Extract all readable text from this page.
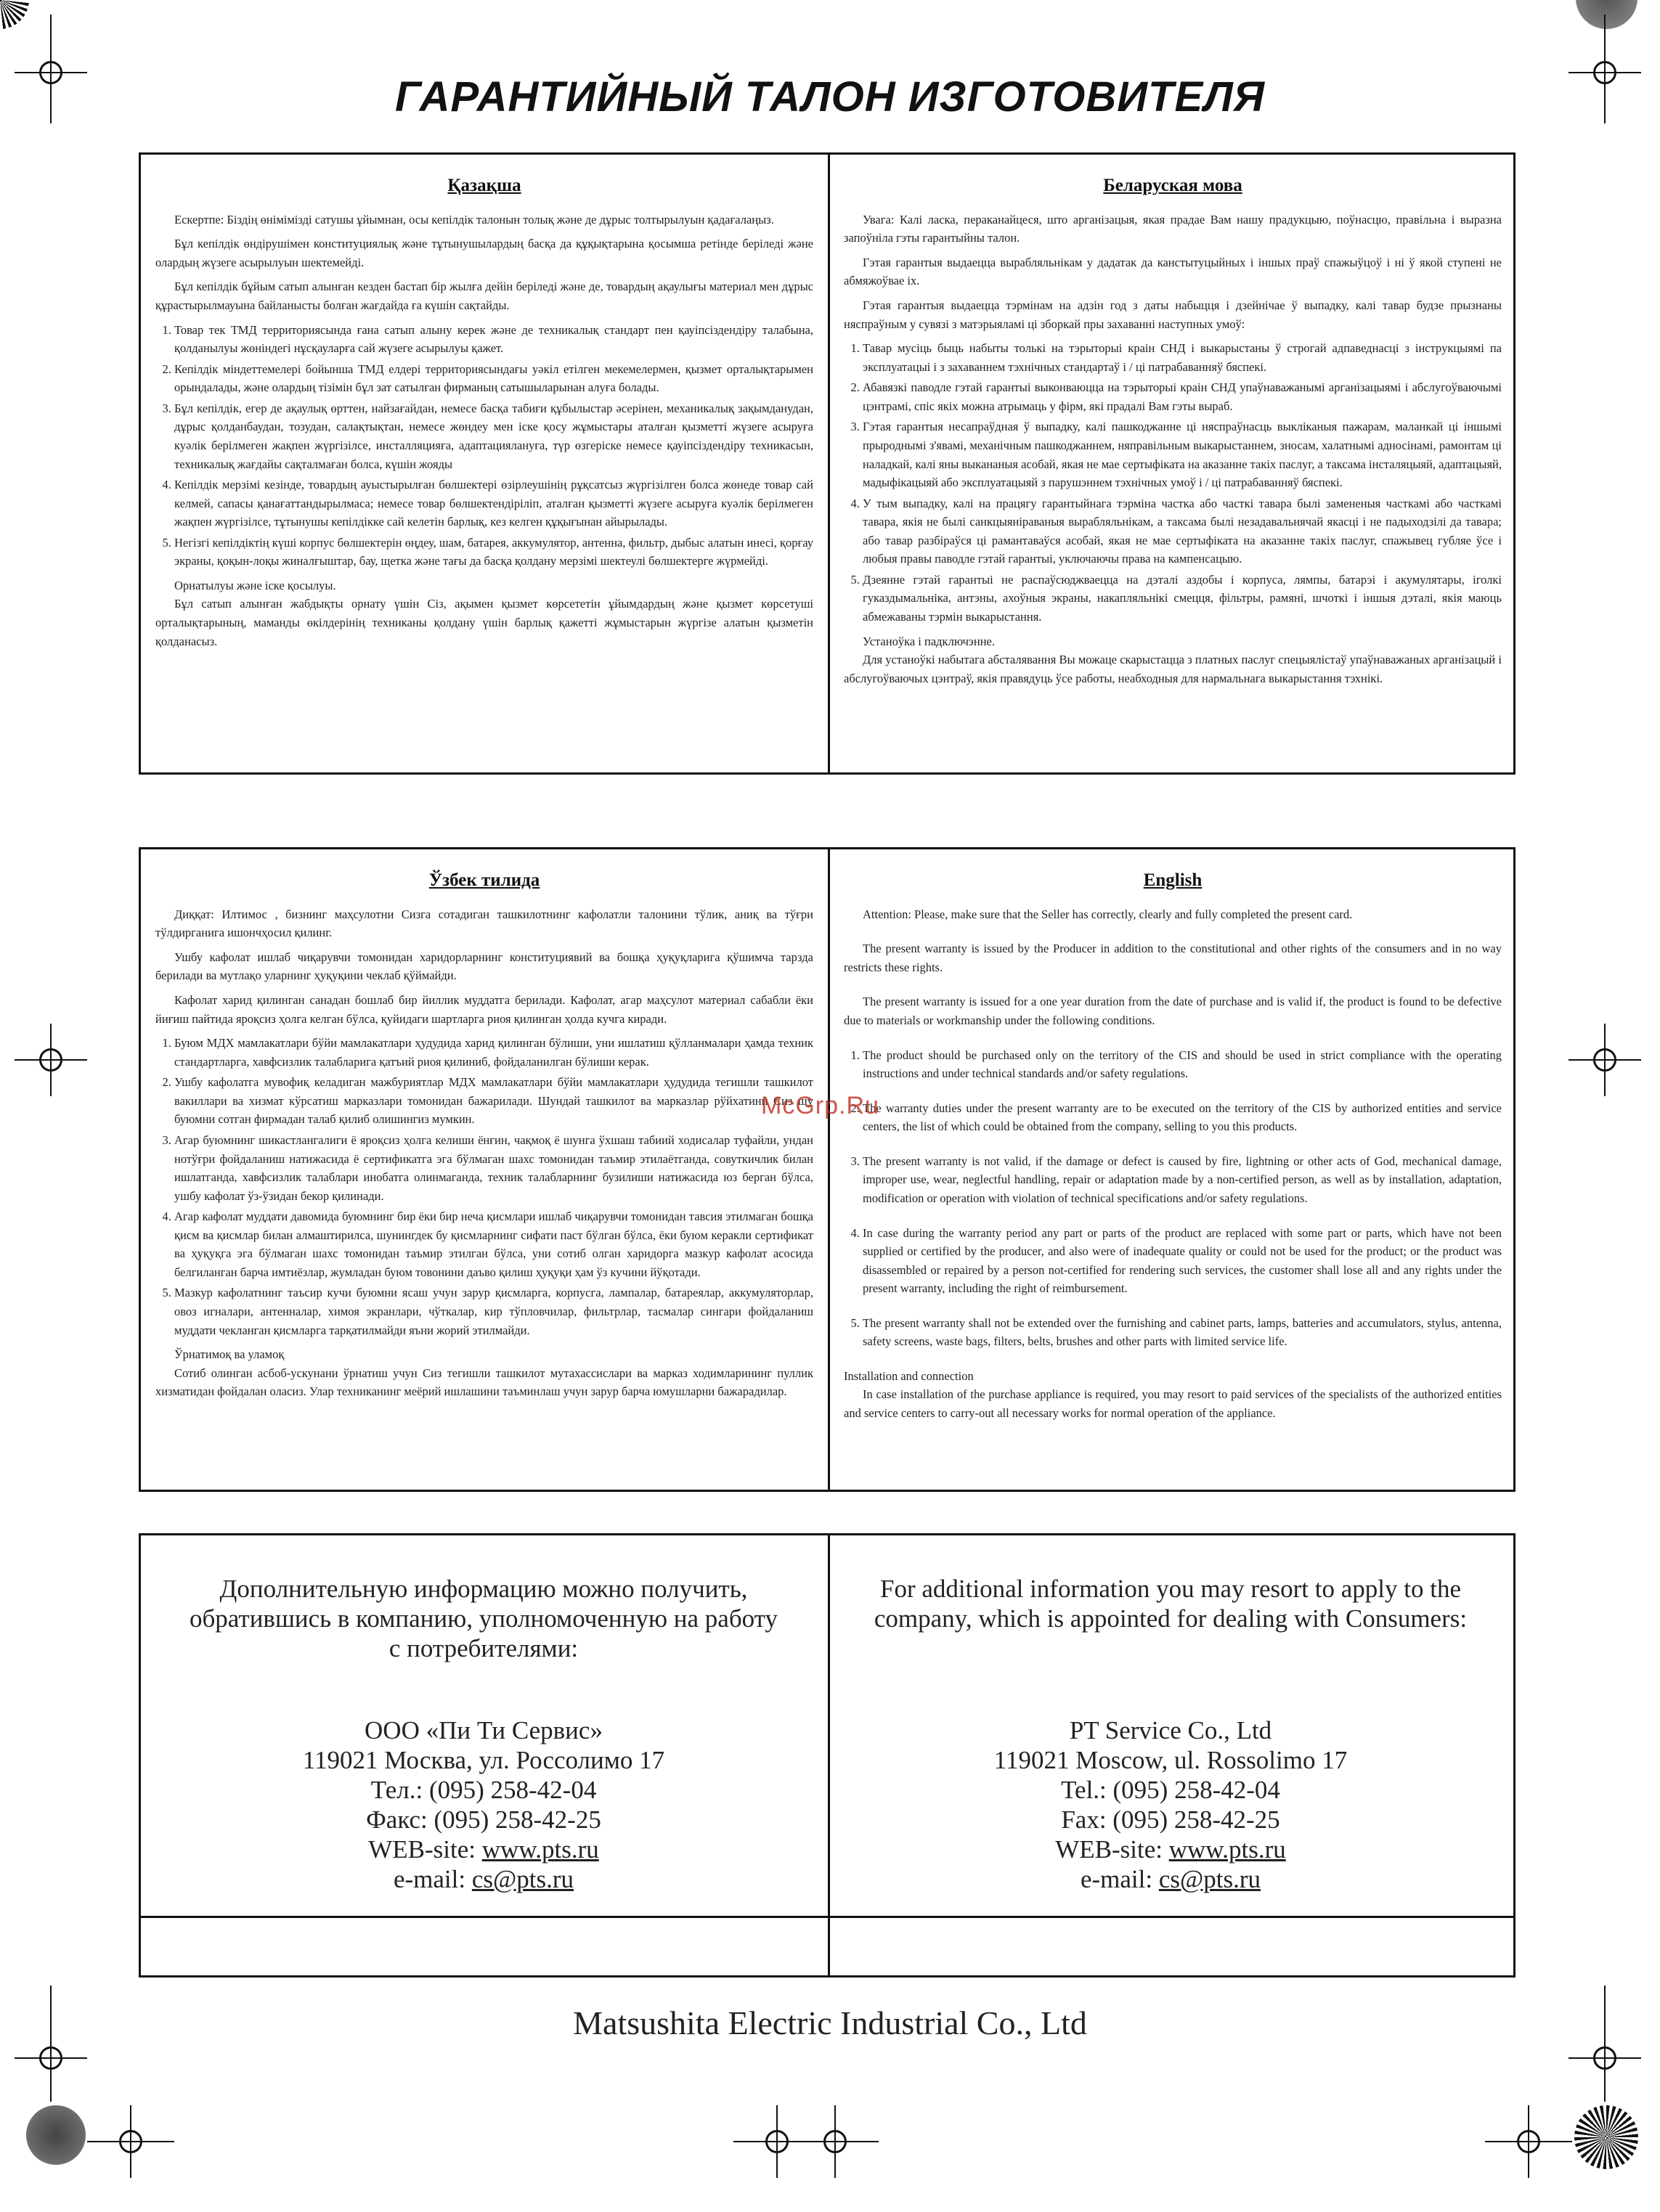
ГАРАНТИЙНЫЙ ТАЛОН ИЗГОТОВИТЕЛЯ
Қазақша

Ескертпе: Біздің өнімімізді сатушы ұйымнан, осы кепілдік талонын толық және де дұрыс толтырылуын қадағалаңыз.

Бұл кепілдік өндірушімен конституциялық және тұтынушылардың басқа да құқықтарына қосымша ретінде беріледі және олардың жүзеге асырылуын шектемейді.

Бұл кепілдік бұйым сатып алынған кезден бастап бір жылға дейін беріледі және де, товардың ақаулығы материал мен дұрыс құрастырылмауына байланысты болған жағдайда ға күшін сақтайды.

1. Товар тек ТМД территориясында ғана сатып алыну керек және де техникалық стандарт пен қауіпсіздендіру талабына, қолданылуы жөніндегі нұсқауларға сай жүзеге асырылуы қажет.
2. Кепілдік міндеттемелері бойынша ТМД елдері территориясындағы уәкіл етілген мекемелермен, қызмет орталықтарымен орындалады, және олардың тізімін бұл зат сатылған фирманың сатышыларынан алуға болады.
3. Бұл кепілдік, егер де ақаулық өрттен, найзағайдан, немесе басқа табиғи құбылыстар әсерінен, механикалық зақымданудан, дұрыс қолданбаудан, тозудан, салақтықтан, немесе жөндеу мен іске қосу жұмыстары аталған қызметті жүзеге асыруға куәлік берілмеген жақпен жүргізілсе, инсталляцияға, адаптациялануға, түр өзгеріске немесе қауіпсіздендіру техникасын, техникалық жағдайы сақталмаған болса, күшін жояды
4. Кепілдік мерзімі кезінде, товардың ауыстырылған бөлшектері өзірлеушінің рұқсатсыз жүргізілген болса жөнеде товар сай келмей, сапасы қанағаттандырылмаса; немесе товар бөлшектендіріліп, аталған қызметті жүзеге асыруға куәлік берілмеген жақпен жүргізілсе, тұтынушы кепілдікке сай келетін барлық, кез келген құқығынан айырылады.
5. Негізгі кепілдіктің күші корпус бөлшектерін өңдеу, шам, батарея, аккумулятор, антенна, фильтр, дыбыс алатын инесі, қорғау экраны, қоқын-лоқы жиналғыштар, бау, щетка және тағы да басқа қолдану мерзімі шектеулі бөлшектерге жүрмейді.

Орнатылуы және іске қосылуы.

Бұл сатып алынған жабдықты орнату үшін Сіз, ақымен қызмет көрсететін ұйымдардың және қызмет көрсетуші орталықтарының, маманды өкілдерінің техниканы қолдану үшін барлық қажетті жұмыстарын жүргізе алатын қызметін қолданасыз.

Беларуская мова

Увага: Калі ласка, пераканайцеся, што арганізацыя, якая прадае Вам нашу прадукцыю, поўнасцю, правільна і выразна запоўніла гэты гарантыйны талон.

Гэтая гарантыя выдаецца вырабляльнікам у дадатак да канстытуцыйных і іншых праў спажыўцоў і ні ў якой ступені не абмяжоўвае іх.

Гэтая гарантыя выдаецца тэрмінам на адзін год з даты набыцця і дзейнічае ў выпадку, калі тавар будзе прызнаны няспраўным у сувязі з матэрыяламі ці зборкай пры захаванні наступных умоў:

1. Тавар мусіць быць набыты толькі на тэрыторыі краін СНД і выкарыстаны ў строгай адпаведнасці з інструкцыямі па эксплуатацыі і з захаваннем тэхнічных стандартаў і / ці патрабаванняў бяспекі.
2. Абавязкі паводле гэтай гарантыі выконваюцца на тэрыторыі краін СНД упаўнаважанымі арганізацыямі і абслугоўваючымі цэнтрамі, спіс якіх можна атрымаць у фірм, які прадалі Вам гэты выраб.
3. Гэтая гарантыя несапраўдная ў выпадку, калі пашкоджанне ці няспраўнасць выкліканыя пажарам, маланкай ці іншымі прыроднымі з'явамі, механічным пашкоджаннем, няправільным выкарыстаннем, зносам, халатнымі адносінамі, рамонтам ці наладкай, калі яны выкананыя асобай, якая не мае сертыфіката на аказанне такіх паслуг, а таксама інсталяцыяй, адаптацыяй, мадыфікацыяй або эксплуатацыяй з парушэннем тэхнічных умоў і / ці патрабаванняў бяспекі.
4. У тым выпадку, калі на працягу гарантыйнага тэрміна частка або часткі тавара былі замененыя часткамі або часткамі тавара, якія не былі санкцыяніраваныя вырабляльнікам, а таксама былі незадавальнячай якасці і не падыходзілі да тавара; або тавар разбіраўся ці рамантаваўся асобай, якая не мае сертыфіката на аказанне такіх паслуг, спажывец губляе ўсе і любыя правы паводле гэтай гарантыі, уключаючы права на кампенсацыю.
5. Дзеянне гэтай гарантыі не распаўсюджваецца на дэталі аздобы і корпуса, лямпы, батарэі і акумулятары, іголкі гуказдымальніка, антэны, ахоўныя экраны, накапляльнікі смецця, фільтры, рамяні, шчоткі і іншыя дэталі, якія маюць абмежаваны тэрмін выкарыстання.

Устаноўка і падключэнне.

Для устаноўкі набытага абсталявання Вы можаце скарыстацца з платных паслуг спецыялістаў упаўнаважаных арганізацый і абслугоўваючых цэнтраў, якія правядуць ўсе работы, неабходныя для нармальнага выкарыстання тэхнікі.

Ўзбек тилида

Диққат: Илтимос , бизнинг маҳсулотни Сизга сотадиган ташкилотнинг кафолатли талонини тўлик, аниқ ва тўғри тўлдирганига ишончҳосил қилинг.

Ушбу кафолат ишлаб чиқарувчи томонидан харидорларнинг конституциявий ва бошқа ҳуқуқларига қўшимча тарзда берилади ва мутлақо уларнинг ҳуқуқини чеклаб қўймайди.

Кафолат харид қилинган санадан бошлаб бир йиллик муддатга берилади. Кафолат, агар маҳсулот материал сабабли ёки йиғиш пайтида яроқсиз ҳолга келган бўлса, қуйидаги шартларга риоя қилинган ҳолда кучга киради.

1. Буюм МДХ мамлакатлари бўйи мамлакатлари ҳудудида харид қилинган бўлиши, уни ишлатиш қўлланмалари ҳамда техник стандартларга, хавфсизлик талабларига қатъий риоя қилиниб, фойдаланилган бўлиши керак.
2. Ушбу кафолатга мувофиқ келадиган мажбуриятлар МДХ мамлакатлари бўйи мамлакатлари ҳудудида тегишли ташкилот вакиллари ва хизмат кўрсатиш марказлари томонидан бажарилади. Шундай ташкилот ва марказлар рўйхатини Сиз шу буюмни сотган фирмадан талаб қилиб олишингиз мумкин.
3. Агар буюмнинг шикастлангалиги ё яроқсиз ҳолга келиши ёнғин, чақмоқ ё шунга ўхшаш табиий ходисалар туфайли, ундан нотўғри фойдаланиш натижасида ё сертификатга эга бўлмаган шахс томонидан таъмир этилаётганда, совуткичлик билан ишлатганда, хавфсизлик талаблари инобатга олинмаганда, техник талабларнинг бузилиши натижасида юз берган бўлса, ушбу кафолат ўз-ўзидан бекор қилинади.
4. Агар кафолат муддати давомида буюмнинг бир ёки бир неча қисмлари ишлаб чиқарувчи томонидан тавсия этилмаган бошқа қисм ва қисмлар билан алмаштирилса, шунингдек бу қисмларнинг сифати паст бўлган бўлса, ёки буюм керакли сертификат ва ҳуқуқга эга бўлмаган шахс томонидан таъмир этилган бўлса, уни сотиб олган харидорга мазкур кафолат асосида белгиланган барча имтиёзлар, жумладан буюм товонини даъво қилиш ҳуқуқи ҳам ўз кучини йўқотади.
5. Мазкур кафолатнинг таъсир кучи буюмни ясаш учун зарур қисмларга, корпусга, лампалар, батареялар, аккумуляторлар, овоз игналари, антенналар, химоя экранлари, чўткалар, кир тўпловчилар, фильтрлар, тасмалар сингари фойдаланиш муддати чекланган қисмларга тарқатилмайди яъни жорий этилмайди.

Ўрнатимоқ ва уламоқ

Сотиб олинган асбоб-ускунани ўрнатиш учун Сиз тегишли ташкилот мутахассислари ва марказ ходимларининг пуллик хизматидан фойдалан оласиз. Улар техниканинг меёрий ишлашини таъминлаш учун зарур барча юмушларни бажарадилар.

English

Attention: Please, make sure that the Seller has correctly, clearly and fully completed the present card.

The present warranty is issued by the Producer in addition to the constitutional and other rights of the consumers and in no way restricts these rights.

The present warranty is issued for a one year duration from the date of purchase and is valid if, the product is found to be defective due to materials or workmanship under the following conditions.

1. The product should be purchased only on the territory of the CIS and should be used in strict compliance with the operating instructions and under technical standards and/or safety regulations.
2. The warranty duties under the present warranty are to be executed on the territory of the CIS by authorized entities and service centers, the list of which could be obtained from the company, selling to you this products.
3. The present warranty is not valid, if the damage or defect is caused by fire, lightning or other acts of God, mechanical damage, improper use, wear, neglectful handling, repair or adaptation made by a non-certified person, as well as by installation, adaptation, modification or operation with violation of technical specifications and/or safety regulations.
4. In case during the warranty period any part or parts of the product are replaced with some part or parts, which have not been supplied or certified by the producer, and also were of inadequate quality or could not be used for the product; or the product was disassembled or repaired by a person not-certified for rendering such services, the customer shall lose all and any rights under the present warranty, including the right of reimbursement.
5. The present warranty shall not be extended over the furnishing and cabinet parts, lamps, batteries and accumulators, stylus, antenna, safety screens, waste bags, filters, belts, brushes and other parts with limited service life.

Installation and connection

In case installation of the purchase appliance is required, you may resort to paid services of the specialists of the authorized entities and service centers to carry-out all necessary works for normal operation of the appliance.

McGrp.Ru
Дополнительную информацию можно получить,
обратившись в компанию, уполномоченную на работу
с потребителями:
ООО «Пи Ти Сервис»
119021 Москва, ул. Россолимо 17
Тел.: (095) 258-42-04
Факс: (095) 258-42-25
WEB-site: www.pts.ru
e-mail: cs@pts.ru
For additional information you may resort to apply to the
company, which is appointed for dealing with Consumers:
PT Service Co., Ltd
119021 Moscow, ul. Rossolimo 17
Tel.: (095) 258-42-04
Fax: (095) 258-42-25
WEB-site: www.pts.ru
e-mail: cs@pts.ru
Matsushita Electric Industrial Co., Ltd
